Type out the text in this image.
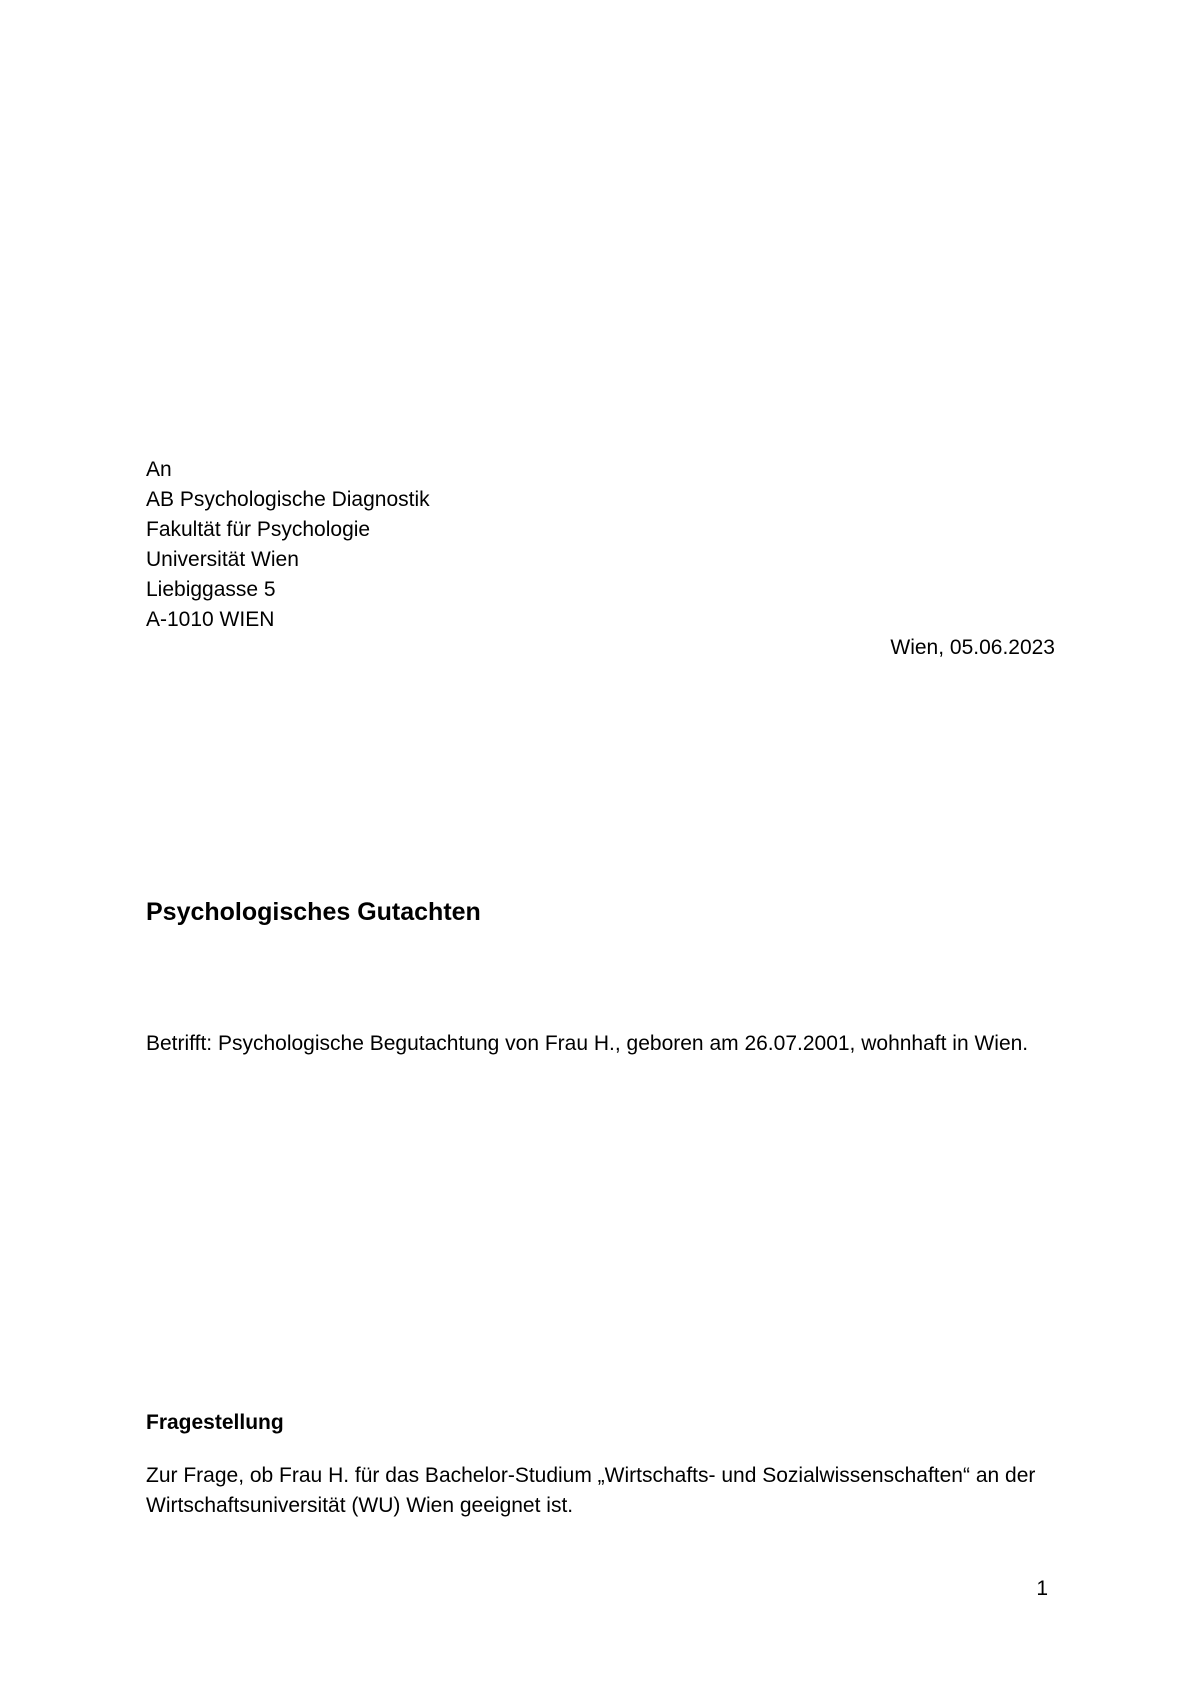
An
AB Psychologische Diagnostik
Fakultät für Psychologie
Universität Wien
Liebiggasse 5
A-1010 WIEN
Wien, 05.06.2023
Psychologisches Gutachten
Betrifft: Psychologische Begutachtung von Frau H., geboren am 26.07.2001, wohnhaft in Wien.
Fragestellung
Zur Frage, ob Frau H. für das Bachelor-Studium „Wirtschafts- und Sozialwissenschaften“ an der Wirtschaftsuniversität (WU) Wien geeignet ist.
1
